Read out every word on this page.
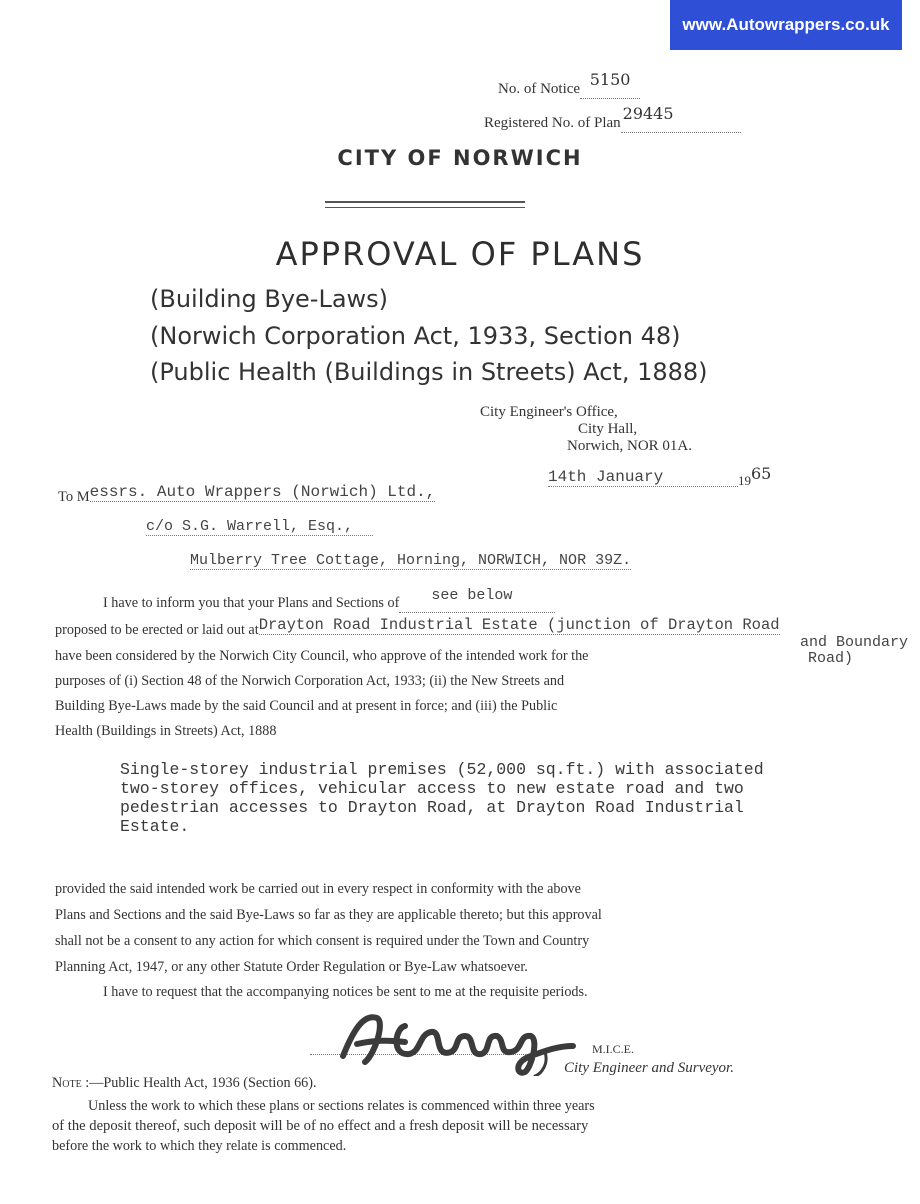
www.Autowrappers.co.uk
No. of Notice 5150
Registered No. of Plan 29445
CITY OF NORWICH
APPROVAL OF PLANS
(Building Bye-Laws)
(Norwich Corporation Act, 1933, Section 48)
(Public Health (Buildings in Streets) Act, 1888)
City Engineer's Office,
City Hall,
Norwich, NOR 01A.
14th January	$_{19}$65
To Messrs. Auto Wrappers (Norwich) Ltd.,
c/o S.G. Warrell, Esq.,
Mulberry Tree Cottage, Horning, NORWICH, NOR 39Z.
I have to inform you that your Plans and Sections of see below
proposed to be erected or laid out atDrayton Road Industrial Estate (junction of Drayton Road
and Boundary
Road)
have been considered by the Norwich City Council, who approve of the intended work for the
purposes of (i) Section 48 of the Norwich Corporation Act, 1933; (ii) the New Streets and
Building Bye-Laws made by the said Council and at present in force; and (iii) the Public
Health (Buildings in Streets) Act, 1888
Single-storey industrial premises (52,000 sq.ft.) with associated
two-storey offices, vehicular access to new estate road and two
pedestrian accesses to Drayton Road, at Drayton Road Industrial
Estate.
provided the said intended work be carried out in every respect in conformity with the above
Plans and Sections and the said Bye-Laws so far as they are applicable thereto; but this approval
shall not be a consent to any action for which consent is required under the Town and Country
Planning Act, 1947, or any other Statute Order Regulation or Bye-Law whatsoever.
I have to request that the accompanying notices be sent to me at the requisite periods.
M.I.C.E.
City Engineer and Surveyor.
Note :—Public Health Act, 1936 (Section 66).
Unless the work to which these plans or sections relates is commenced within three years
of the deposit thereof, such deposit will be of no effect and a fresh deposit will be necessary
before the work to which they relate is commenced.
